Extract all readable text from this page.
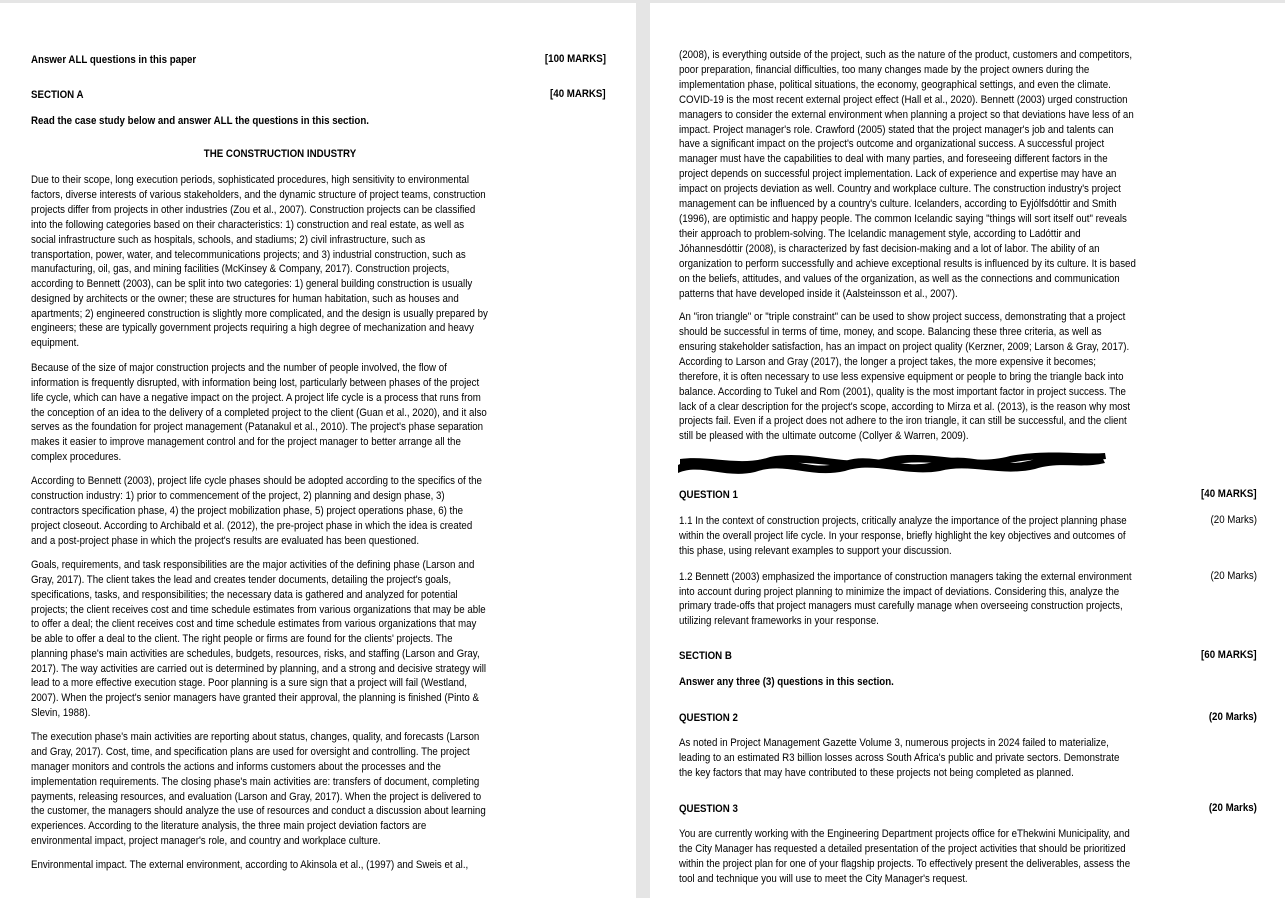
Answer ALL questions in this paper	[100 MARKS]
SECTION A	[40 MARKS]
Read the case study below and answer ALL the questions in this section.
THE CONSTRUCTION INDUSTRY
Due to their scope, long execution periods, sophisticated procedures, high sensitivity to environmental
factors, diverse interests of various stakeholders, and the dynamic structure of project teams, construction
projects differ from projects in other industries (Zou et al., 2007). Construction projects can be classified
into the following categories based on their characteristics: 1) construction and real estate, as well as
social infrastructure such as hospitals, schools, and stadiums; 2) civil infrastructure, such as
transportation, power, water, and telecommunications projects; and 3) industrial construction, such as
manufacturing, oil, gas, and mining facilities (McKinsey & Company, 2017). Construction projects,
according to Bennett (2003), can be split into two categories: 1) general building construction is usually
designed by architects or the owner; these are structures for human habitation, such as houses and
apartments; 2) engineered construction is slightly more complicated, and the design is usually prepared by
engineers; these are typically government projects requiring a high degree of mechanization and heavy
equipment.
Because of the size of major construction projects and the number of people involved, the flow of
information is frequently disrupted, with information being lost, particularly between phases of the project
life cycle, which can have a negative impact on the project. A project life cycle is a process that runs from
the conception of an idea to the delivery of a completed project to the client (Guan et al., 2020), and it also
serves as the foundation for project management (Patanakul et al., 2010). The project's phase separation
makes it easier to improve management control and for the project manager to better arrange all the
complex procedures.
According to Bennett (2003), project life cycle phases should be adopted according to the specifics of the
construction industry: 1) prior to commencement of the project, 2) planning and design phase, 3)
contractors specification phase, 4) the project mobilization phase, 5) project operations phase, 6) the
project closeout. According to Archibald et al. (2012), the pre-project phase in which the idea is created
and a post-project phase in which the project's results are evaluated has been questioned.
Goals, requirements, and task responsibilities are the major activities of the defining phase (Larson and
Gray, 2017). The client takes the lead and creates tender documents, detailing the project's goals,
specifications, tasks, and responsibilities; the necessary data is gathered and analyzed for potential
projects; the client receives cost and time schedule estimates from various organizations that may be able
to offer a deal; the client receives cost and time schedule estimates from various organizations that may
be able to offer a deal to the client. The right people or firms are found for the clients' projects. The
planning phase's main activities are schedules, budgets, resources, risks, and staffing (Larson and Gray,
2017). The way activities are carried out is determined by planning, and a strong and decisive strategy will
lead to a more effective execution stage. Poor planning is a sure sign that a project will fail (Westland,
2007). When the project's senior managers have granted their approval, the planning is finished (Pinto &
Slevin, 1988).
The execution phase's main activities are reporting about status, changes, quality, and forecasts (Larson
and Gray, 2017). Cost, time, and specification plans are used for oversight and controlling. The project
manager monitors and controls the actions and informs customers about the processes and the
implementation requirements. The closing phase's main activities are: transfers of document, completing
payments, releasing resources, and evaluation (Larson and Gray, 2017). When the project is delivered to
the customer, the managers should analyze the use of resources and conduct a discussion about learning
experiences. According to the literature analysis, the three main project deviation factors are
environmental impact, project manager's role, and country and workplace culture.
Environmental impact. The external environment, according to Akinsola et al., (1997) and Sweis et al.,
(2008), is everything outside of the project, such as the nature of the product, customers and competitors,
poor preparation, financial difficulties, too many changes made by the project owners during the
implementation phase, political situations, the economy, geographical settings, and even the climate.
COVID-19 is the most recent external project effect (Hall et al., 2020). Bennett (2003) urged construction
managers to consider the external environment when planning a project so that deviations have less of an
impact. Project manager's role. Crawford (2005) stated that the project manager's job and talents can
have a significant impact on the project's outcome and organizational success. A successful project
manager must have the capabilities to deal with many parties, and foreseeing different factors in the
project depends on successful project implementation. Lack of experience and expertise may have an
impact on projects deviation as well. Country and workplace culture. The construction industry's project
management can be influenced by a country's culture. Icelanders, according to Eyjólfsdóttir and Smith
(1996), are optimistic and happy people. The common Icelandic saying "things will sort itself out" reveals
their approach to problem-solving. The Icelandic management style, according to Ladóttir and
Jóhannesdóttir (2008), is characterized by fast decision-making and a lot of labor. The ability of an
organization to perform successfully and achieve exceptional results is influenced by its culture. It is based
on the beliefs, attitudes, and values of the organization, as well as the connections and communication
patterns that have developed inside it (Aalsteinsson et al., 2007).
An "iron triangle" or "triple constraint" can be used to show project success, demonstrating that a project
should be successful in terms of time, money, and scope. Balancing these three criteria, as well as
ensuring stakeholder satisfaction, has an impact on project quality (Kerzner, 2009; Larson & Gray, 2017).
According to Larson and Gray (2017), the longer a project takes, the more expensive it becomes;
therefore, it is often necessary to use less expensive equipment or people to bring the triangle back into
balance. According to Tukel and Rom (2001), quality is the most important factor in project success. The
lack of a clear description for the project's scope, according to Mirza et al. (2013), is the reason why most
projects fail. Even if a project does not adhere to the iron triangle, it can still be successful, and the client
still be pleased with the ultimate outcome (Collyer & Warren, 2009).
QUESTION 1	[40 MARKS]
1.1 In the context of construction projects, critically analyze the importance of the project planning phase
within the overall project life cycle. In your response, briefly highlight the key objectives and outcomes of
this phase, using relevant examples to support your discussion.
(20 Marks)
1.2 Bennett (2003) emphasized the importance of construction managers taking the external environment
into account during project planning to minimize the impact of deviations. Considering this, analyze the
primary trade-offs that project managers must carefully manage when overseeing construction projects,
utilizing relevant frameworks in your response.
(20 Marks)
SECTION B	[60 MARKS]
Answer any three (3) questions in this section.
QUESTION 2	(20 Marks)
As noted in Project Management Gazette Volume 3, numerous projects in 2024 failed to materialize,
leading to an estimated R3 billion losses across South Africa's public and private sectors. Demonstrate
the key factors that may have contributed to these projects not being completed as planned.
QUESTION 3	(20 Marks)
You are currently working with the Engineering Department projects office for eThekwini Municipality, and
the City Manager has requested a detailed presentation of the project activities that should be prioritized
within the project plan for one of your flagship projects. To effectively present the deliverables, assess the
tool and technique you will use to meet the City Manager's request.
